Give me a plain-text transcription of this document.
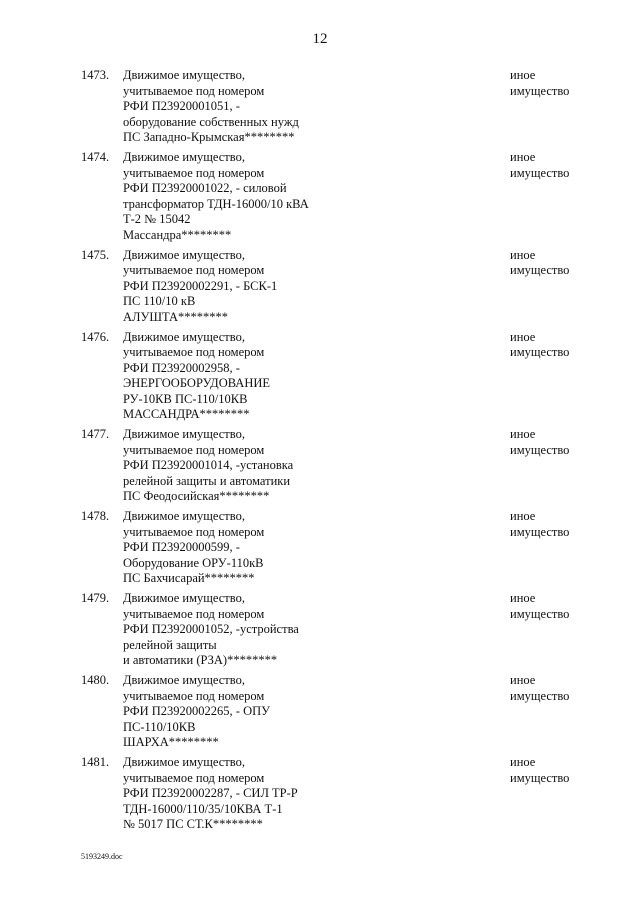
12
1473. Движимое имущество,
учитываемое под номером
РФИ П23920001051, -
оборудование собственных нужд
ПС Западно-Крымская********
иное
имущество
1474. Движимое имущество,
учитываемое под номером
РФИ П23920001022, - силовой
трансформатор ТДН-16000/10 кВА
Т-2 № 15042
Массандра********
иное
имущество
1475. Движимое имущество,
учитываемое под номером
РФИ П23920002291, - БСК-1
ПС 110/10 кВ
АЛУШТА********
иное
имущество
1476. Движимое имущество,
учитываемое под номером
РФИ П23920002958, -
ЭНЕРГООБОРУДОВАНИЕ
РУ-10КВ ПС-110/10КВ
МАССАНДРА********
иное
имущество
1477. Движимое имущество,
учитываемое под номером
РФИ П23920001014, -установка
релейной защиты и автоматики
ПС Феодосийская********
иное
имущество
1478. Движимое имущество,
учитываемое под номером
РФИ П23920000599, -
Оборудование ОРУ-110кВ
ПС Бахчисарай********
иное
имущество
1479. Движимое имущество,
учитываемое под номером
РФИ П23920001052, -устройства
релейной защиты
и автоматики (РЗА)********
иное
имущество
1480. Движимое имущество,
учитываемое под номером
РФИ П23920002265, - ОПУ
ПС-110/10КВ
ШАРХА********
иное
имущество
1481. Движимое имущество,
учитываемое под номером
РФИ П23920002287, - СИЛ ТР-Р
ТДН-16000/110/35/10КВА Т-1
№ 5017 ПС СТ.К********
иное
имущество
5193249.doc
